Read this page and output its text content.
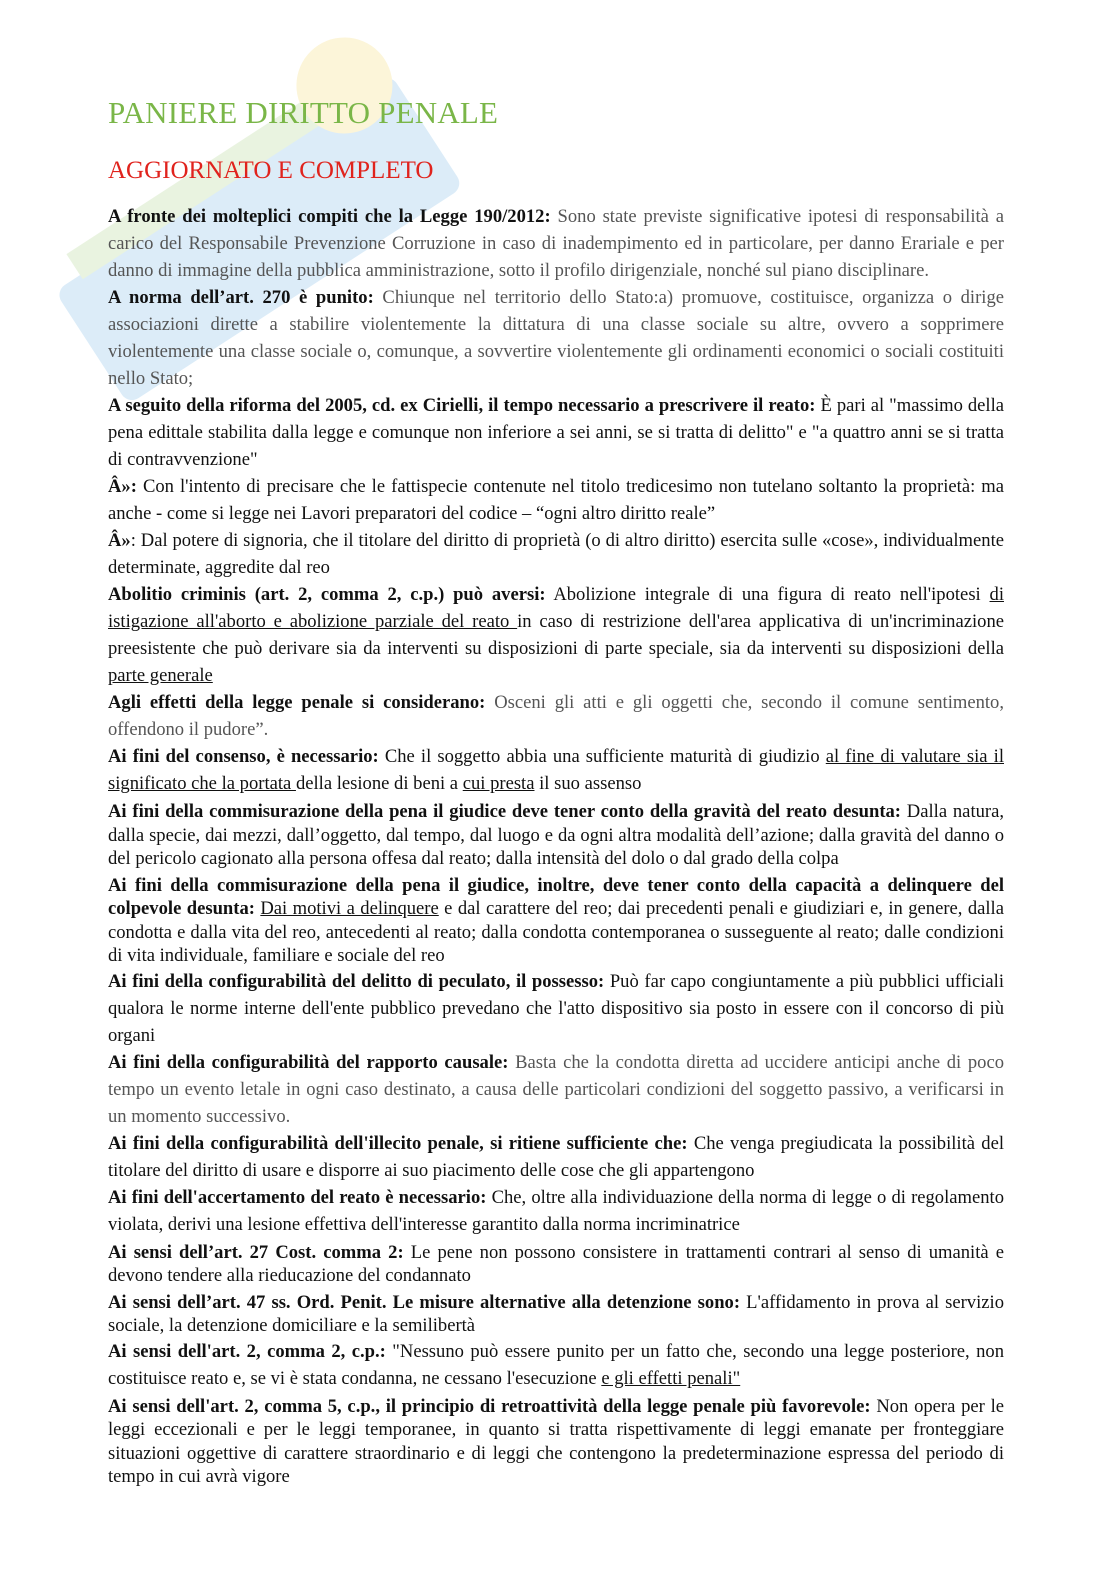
PANIERE DIRITTO PENALE
AGGIORNATO E COMPLETO

A fronte dei molteplici compiti che la Legge 190/2012: Sono state previste significative ipotesi di responsabilità a carico del Responsabile Prevenzione Corruzione in caso di inadempimento ed in particolare, per danno Erariale e per danno di immagine della pubblica amministrazione, sotto il profilo dirigenziale, nonché sul piano disciplinare.

A norma dell’art. 270 è punito: Chiunque nel territorio dello Stato:a) promuove, costituisce, organizza o dirige associazioni dirette a stabilire violentemente la dittatura di una classe sociale su altre, ovvero a sopprimere violentemente una classe sociale o, comunque, a sovvertire violentemente gli ordinamenti economici o sociali costituiti nello Stato;

A seguito della riforma del 2005, cd. ex Cirielli, il tempo necessario a prescrivere il reato: È pari al "massimo della pena edittale stabilita dalla legge e comunque non inferiore a sei anni, se si tratta di delitto" e "a quattro anni se si tratta di contravvenzione"

Â»: Con l'intento di precisare che le fattispecie contenute nel titolo tredicesimo non tutelano soltanto la proprietà: ma anche - come si legge nei Lavori preparatori del codice – “ogni altro diritto reale”

Â»: Dal potere di signoria, che il titolare del diritto di proprietà (o di altro diritto) esercita sulle «cose», individualmente determinate, aggredite dal reo

Abolitio criminis (art. 2, comma 2, c.p.) può aversi: Abolizione integrale di una figura di reato nell'ipotesi di istigazione all'aborto e abolizione parziale del reato in caso di restrizione dell'area applicativa di un'incriminazione preesistente che può derivare sia da interventi su disposizioni di parte speciale, sia da interventi su disposizioni della parte generale

Agli effetti della legge penale si considerano: Osceni gli atti e gli oggetti che, secondo il comune sentimento, offendono il pudore”.

Ai fini del consenso, è necessario: Che il soggetto abbia una sufficiente maturità di giudizio al fine di valutare sia il significato che la portata della lesione di beni a cui presta il suo assenso

Ai fini della commisurazione della pena il giudice deve tener conto della gravità del reato desunta: Dalla natura, dalla specie, dai mezzi, dall’oggetto, dal tempo, dal luogo e da ogni altra modalità dell’azione; dalla gravità del danno o del pericolo cagionato alla persona offesa dal reato; dalla intensità del dolo o dal grado della colpa

Ai fini della commisurazione della pena il giudice, inoltre, deve tener conto della capacità a delinquere del colpevole desunta: Dai motivi a delinquere e dal carattere del reo; dai precedenti penali e giudiziari e, in genere, dalla condotta e dalla vita del reo, antecedenti al reato; dalla condotta contemporanea o susseguente al reato; dalle condizioni di vita individuale, familiare e sociale del reo

Ai fini della configurabilità del delitto di peculato, il possesso: Può far capo congiuntamente a più pubblici ufficiali qualora le norme interne dell'ente pubblico prevedano che l'atto dispositivo sia posto in essere con il concorso di più organi

Ai fini della configurabilità del rapporto causale: Basta che la condotta diretta ad uccidere anticipi anche di poco tempo un evento letale in ogni caso destinato, a causa delle particolari condizioni del soggetto passivo, a verificarsi in un momento successivo.

Ai fini della configurabilità dell'illecito penale, si ritiene sufficiente che: Che venga pregiudicata la possibilità del titolare del diritto di usare e disporre ai suo piacimento delle cose che gli appartengono

Ai fini dell'accertamento del reato è necessario: Che, oltre alla individuazione della norma di legge o di regolamento violata, derivi una lesione effettiva dell'interesse garantito dalla norma incriminatrice

Ai sensi dell’art. 27 Cost. comma 2: Le pene non possono consistere in trattamenti contrari al senso di umanità e devono tendere alla rieducazione del condannato

Ai sensi dell’art. 47 ss. Ord. Penit. Le misure alternative alla detenzione sono: L'affidamento in prova al servizio sociale, la detenzione domiciliare e la semilibertà

Ai sensi dell'art. 2, comma 2, c.p.: "Nessuno può essere punito per un fatto che, secondo una legge posteriore, non costituisce reato e, se vi è stata condanna, ne cessano l'esecuzione e gli effetti penali"

Ai sensi dell'art. 2, comma 5, c.p., il principio di retroattività della legge penale più favorevole: Non opera per le leggi eccezionali e per le leggi temporanee, in quanto si tratta rispettivamente di leggi emanate per fronteggiare situazioni oggettive di carattere straordinario e di leggi che contengono la predeterminazione espressa del periodo di tempo in cui avrà vigore
